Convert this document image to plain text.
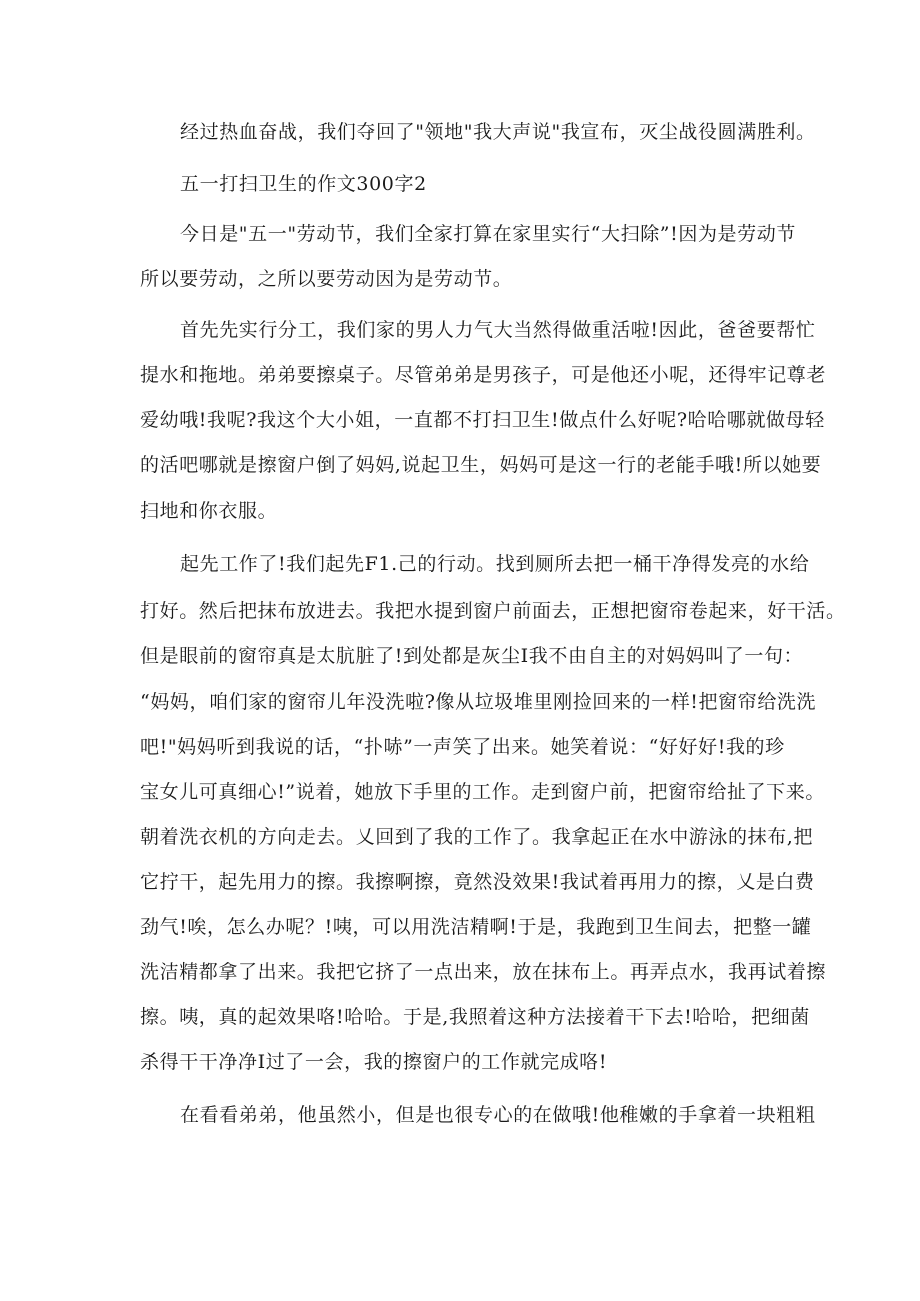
经过热血奋战，我们夺回了"领地"我大声说"我宣布，灭尘战役圆满胜利。
五一打扫卫生的作文300字2
今日是"五一"劳动节，我们全家打算在家里实行“大扫除”!因为是劳动节
所以要劳动，之所以要劳动因为是劳动节。
首先先实行分工，我们家的男人力气大当然得做重活啦!因此，爸爸要帮忙
提水和拖地。弟弟要擦桌子。尽管弟弟是男孩子，可是他还小呢，还得牢记尊老
爱幼哦!我呢?我这个大小姐，一直都不打扫卫生!做点什么好呢?哈哈哪就做母轻
的活吧哪就是擦窗户倒了妈妈,说起卫生，妈妈可是这一行的老能手哦!所以她要
扫地和你衣服。
起先工作了!我们起先F1.己的行动。找到厕所去把一桶干净得发亮的水给
打好。然后把抹布放进去。我把水提到窗户前面去，正想把窗帘卷起来，好干活。
但是眼前的窗帘真是太肮脏了!到处都是灰尘I我不由自主的对妈妈叫了一句：
“妈妈，咱们家的窗帘儿年没洗啦?像从垃圾堆里刚捡回来的一样!把窗帘给洗洗
吧!"妈妈听到我说的话，“扑哧”一声笑了出来。她笑着说：“好好好!我的珍
宝女儿可真细心!”说着，她放下手里的工作。走到窗户前，把窗帘给扯了下来。
朝着洗衣机的方向走去。乂回到了我的工作了。我拿起正在水中游泳的抹布,把
它拧干，起先用力的擦。我擦啊擦，竟然没效果!我试着再用力的擦，乂是白费
劲气!唉，怎么办呢？!咦，可以用洗洁精啊!于是，我跑到卫生间去，把整一罐
洗洁精都拿了出来。我把它挤了一点出来，放在抹布上。再弄点水，我再试着擦
擦。咦，真的起效果咯!哈哈。于是,我照着这种方法接着干下去!哈哈，把细菌
杀得干干净净I过了一会，我的擦窗户的工作就完成咯!
在看看弟弟，他虽然小，但是也很专心的在做哦!他稚嫩的手拿着一块粗粗
